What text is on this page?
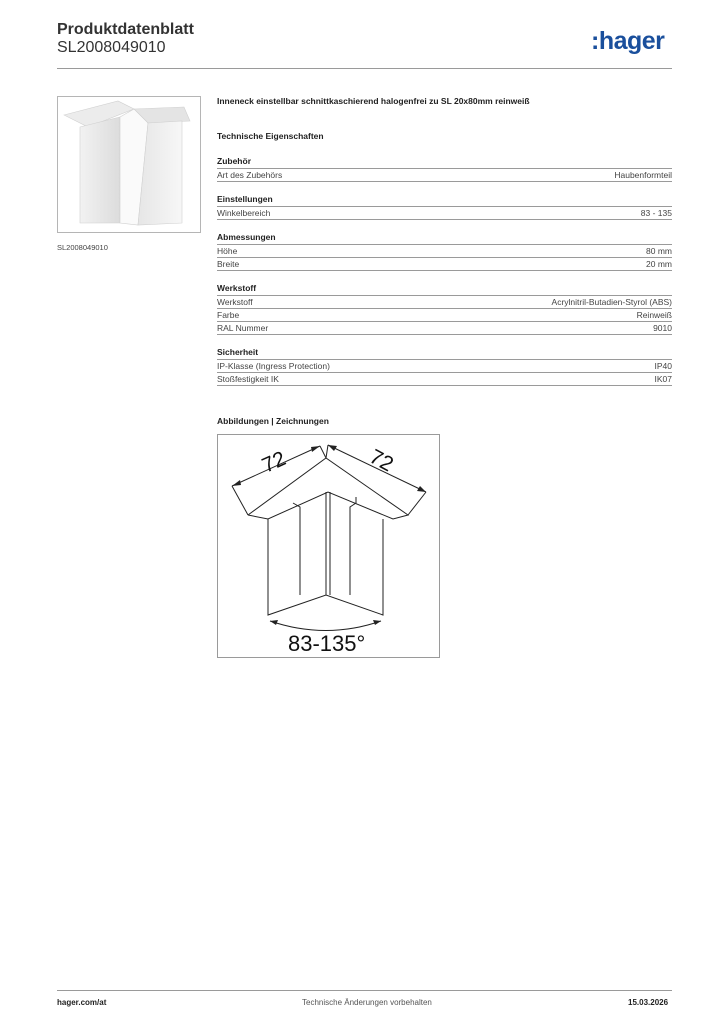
Produktdatenblatt
SL2008049010	:hager
SL2008049010
Inneneck einstellbar schnittkaschierend halogenfrei zu SL 20x80mm reinweiß
Technische Eigenschaften
Zubehör
Art des Zubehörs	Haubenformteil
Einstellungen
Winkelbereich	83 - 135
Abmessungen
Höhe	80 mm
Breite	20 mm
Werkstoff
Werkstoff	Acrylnitril-Butadien-Styrol (ABS)
Farbe	Reinweiß
RAL Nummer	9010
Sicherheit
IP-Klasse (Ingress Protection)	IP40
Stoßfestigkeit IK	IK07
Abbildungen | Zeichnungen
72	72
83-135°
hager.com/at	Technische Änderungen vorbehalten	15.03.2026
